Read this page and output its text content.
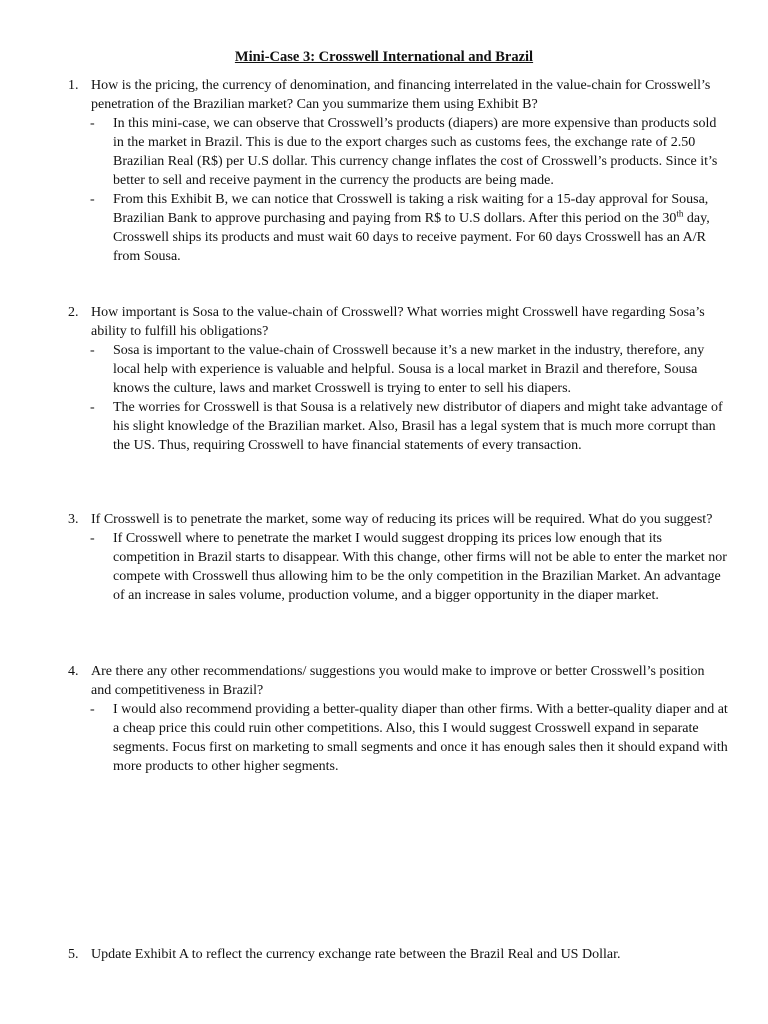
Mini-Case 3: Crosswell International and Brazil
1. How is the pricing, the currency of denomination, and financing interrelated in the value-chain for Crosswell’s penetration of the Brazilian market? Can you summarize them using Exhibit B?
-	In this mini-case, we can observe that Crosswell’s products (diapers) are more expensive than products sold in the market in Brazil. This is due to the export charges such as customs fees, the exchange rate of 2.50 Brazilian Real (R$) per U.S dollar. This currency change inflates the cost of Crosswell’s products. Since it’s better to sell and receive payment in the currency the products are being made.
-	From this Exhibit B, we can notice that Crosswell is taking a risk waiting for a 15-day approval for Sousa, Brazilian Bank to approve purchasing and paying from R$ to U.S dollars. After this period on the 30th day, Crosswell ships its products and must wait 60 days to receive payment. For 60 days Crosswell has an A/R from Sousa.
2. How important is Sosa to the value-chain of Crosswell? What worries might Crosswell have regarding Sosa’s ability to fulfill his obligations?
-	Sosa is important to the value-chain of Crosswell because it’s a new market in the industry, therefore, any local help with experience is valuable and helpful. Sousa is a local market in Brazil and therefore, Sousa knows the culture, laws and market Crosswell is trying to enter to sell his diapers.
-	The worries for Crosswell is that Sousa is a relatively new distributor of diapers and might take advantage of his slight knowledge of the Brazilian market. Also, Brasil has a legal system that is much more corrupt than the US. Thus, requiring Crosswell to have financial statements of every transaction.
3. If Crosswell is to penetrate the market, some way of reducing its prices will be required. What do you suggest?
-	If Crosswell where to penetrate the market I would suggest dropping its prices low enough that its competition in Brazil starts to disappear. With this change, other firms will not be able to enter the market nor compete with Crosswell thus allowing him to be the only competition in the Brazilian Market. An advantage of an increase in sales volume, production volume, and a bigger opportunity in the diaper market.
4. Are there any other recommendations/ suggestions you would make to improve or better Crosswell’s position and competitiveness in Brazil?
-	I would also recommend providing a better-quality diaper than other firms. With a better-quality diaper and at a cheap price this could ruin other competitions. Also, this I would suggest Crosswell expand in separate segments. Focus first on marketing to small segments and once it has enough sales then it should expand with more products to other higher segments.
5. Update Exhibit A to reflect the currency exchange rate between the Brazil Real and US Dollar.
